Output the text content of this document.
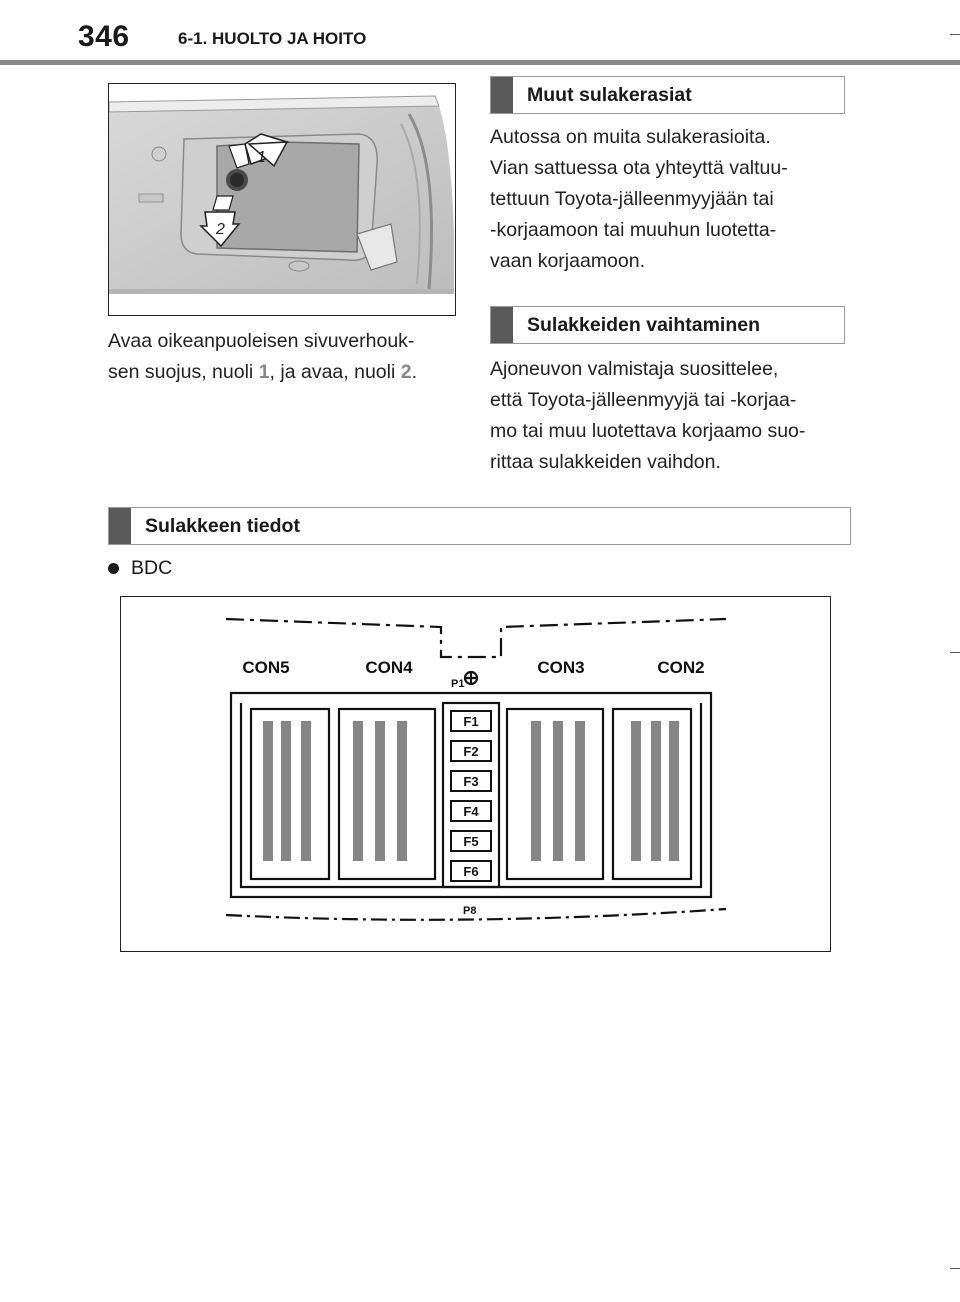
346	6-1. HUOLTO JA HOITO
1
2
Avaa oikeanpuoleisen sivuverhouk-
sen suojus, nuoli 1, ja avaa, nuoli 2.
Muut sulakerasiat
Autossa on muita sulakerasioita.
Vian sattuessa ota yhteyttä valtuu-
tettuun Toyota-jälleenmyyjään tai
-korjaamoon tai muuhun luotetta-
vaan korjaamoon.
Sulakkeiden vaihtaminen
Ajoneuvon valmistaja suosittelee,
että Toyota-jälleenmyyjä tai -korjaa-
mo tai muu luotettava korjaamo suo-
rittaa sulakkeiden vaihdon.
Sulakkeen tiedot
BDC
F1
F2
F3
F4
F5
F6
CON5	CON4	CON3	CON2
P1
P8
